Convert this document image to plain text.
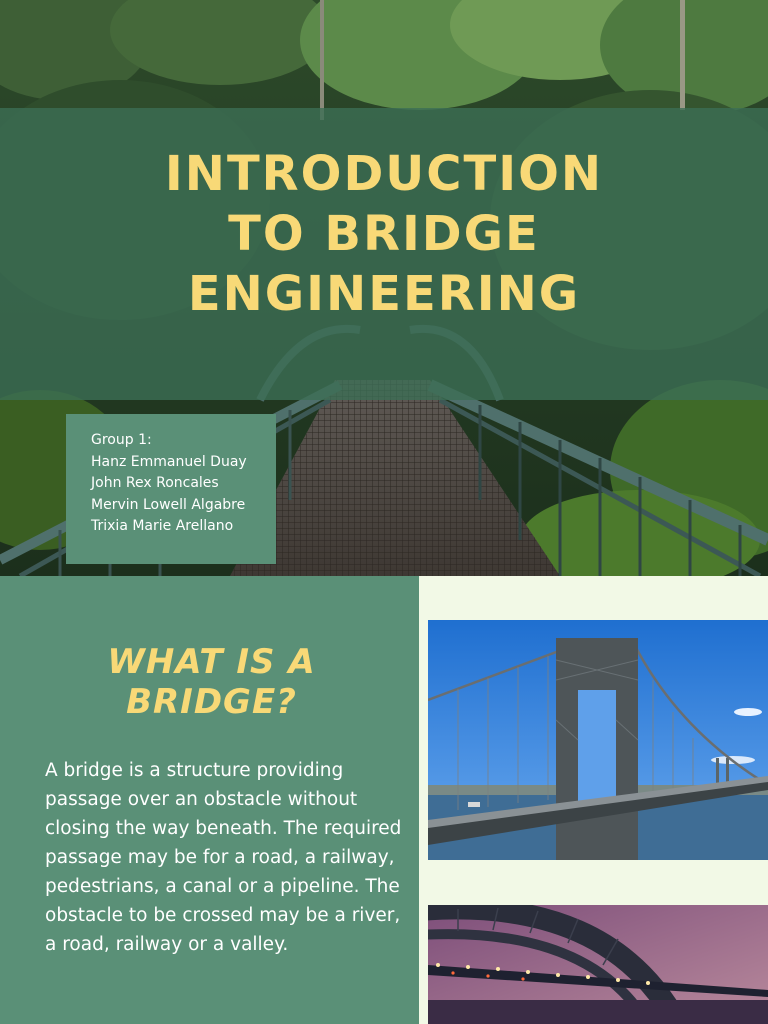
INTRODUCTION
TO BRIDGE
ENGINEERING
Group 1:
Hanz Emmanuel Duay
John Rex Roncales
Mervin Lowell Algabre
Trixia Marie Arellano
WHAT IS A
BRIDGE?

A bridge is a structure providing passage over an obstacle without closing the way beneath. The required passage may be for a road, a railway, pedestrians, a canal or a pipeline. The obstacle to be crossed may be a river, a road, railway or a valley.
